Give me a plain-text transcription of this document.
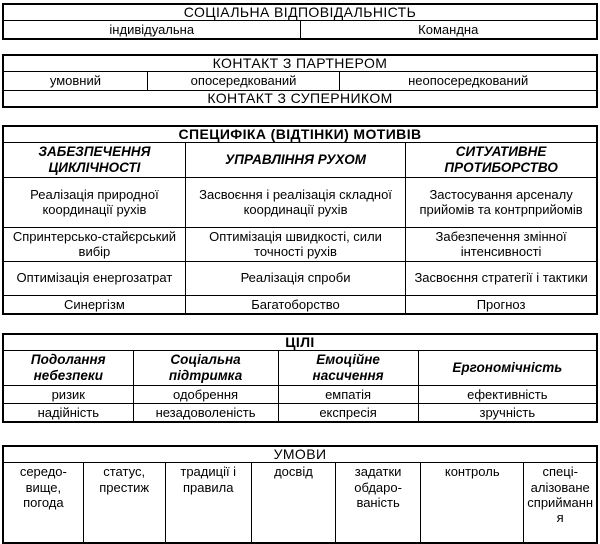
СОЦІАЛЬНА ВІДПОВІДАЛЬНІСТЬ
індивідуальна	Командна
КОНТАКТ З ПАРТНЕРОМ
умовний	опосередкований	неопосередкований
КОНТАКТ З СУПЕРНИКОМ
СПЕЦИФІКА (ВІДТІНКИ) МОТИВІВ		
ЗАБЕЗПЕЧЕННЯ ЦИКЛІЧНОСТІ	УПРАВЛІННЯ РУХОМ	СИТУАТИВНЕ ПРОТИБОРСТВО
Реалізація природної координації рухів	Засвоєння і реалізація складної координації рухів	Застосування арсеналу прийомів та контрприйомів
Спринтерсько-стайєрський вибір	Оптимізація швидкості, сили точності рухів	Забезпечення змінної інтенсивності
Оптимізація енергозатрат	Реалізація спроби	Засвоєння стратегії і тактики
Синергізм	Багатоборство	Прогноз
ЦІЛІ			
Подолання небезпеки	Соціальна підтримка	Емоційне насичення	Ергономічність
ризик	одобрення	емпатія	ефективність
надійність	незадоволеність	експресія	зручність
УМОВИ
середо-вище, погода	статус, престиж	традиції і правила	досвід	задатки обдаро-ваність	контроль	спеці-алізоване сприймання
